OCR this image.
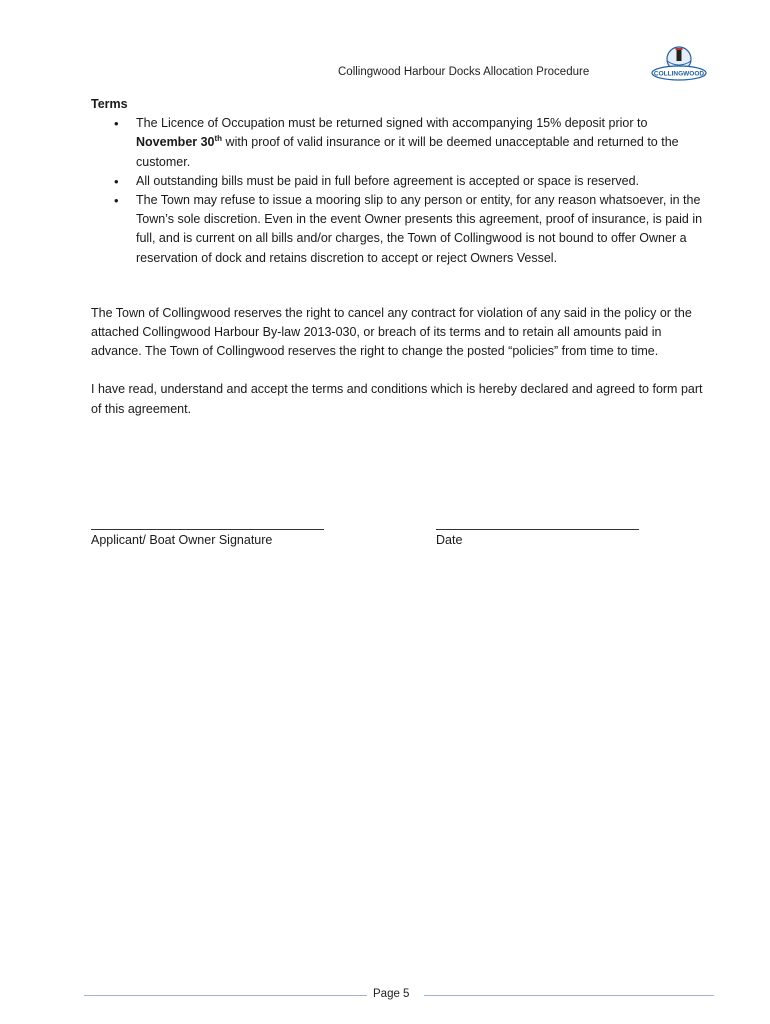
Collingwood Harbour Docks Allocation Procedure	COLLINGWOOD

Terms

• The Licence of Occupation must be returned signed with accompanying 15% deposit prior to November 30th with proof of valid insurance or it will be deemed unacceptable and returned to the customer.
• All outstanding bills must be paid in full before agreement is accepted or space is reserved.
• The Town may refuse to issue a mooring slip to any person or entity, for any reason whatsoever, in the Town’s sole discretion. Even in the event Owner presents this agreement, proof of insurance, is paid in full, and is current on all bills and/or charges, the Town of Collingwood is not bound to offer Owner a reservation of dock and retains discretion to accept or reject Owners Vessel.

The Town of Collingwood reserves the right to cancel any contract for violation of any said in the policy or the attached Collingwood Harbour By-law 2013-030, or breach of its terms and to retain all amounts paid in advance. The Town of Collingwood reserves the right to change the posted “policies” from time to time.

I have read, understand and accept the terms and conditions which is hereby declared and agreed to form part of this agreement.

Applicant/ Boat Owner Signature	Date
Page 5
